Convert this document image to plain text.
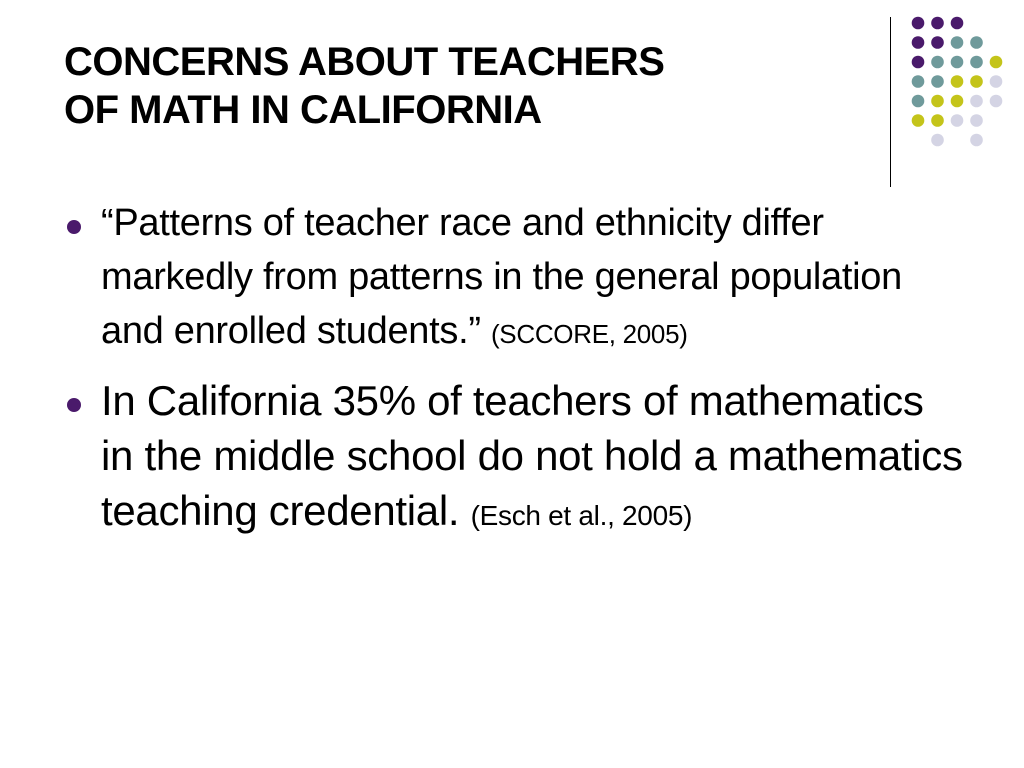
CONCERNS ABOUT TEACHERS
OF MATH IN CALIFORNIA
“Patterns of teacher race and ethnicity differ markedly from patterns in the general population and enrolled students.” (SCCORE, 2005)
In California 35% of teachers of mathematics in the middle school do not hold a mathematics teaching credential. (Esch et al., 2005)
